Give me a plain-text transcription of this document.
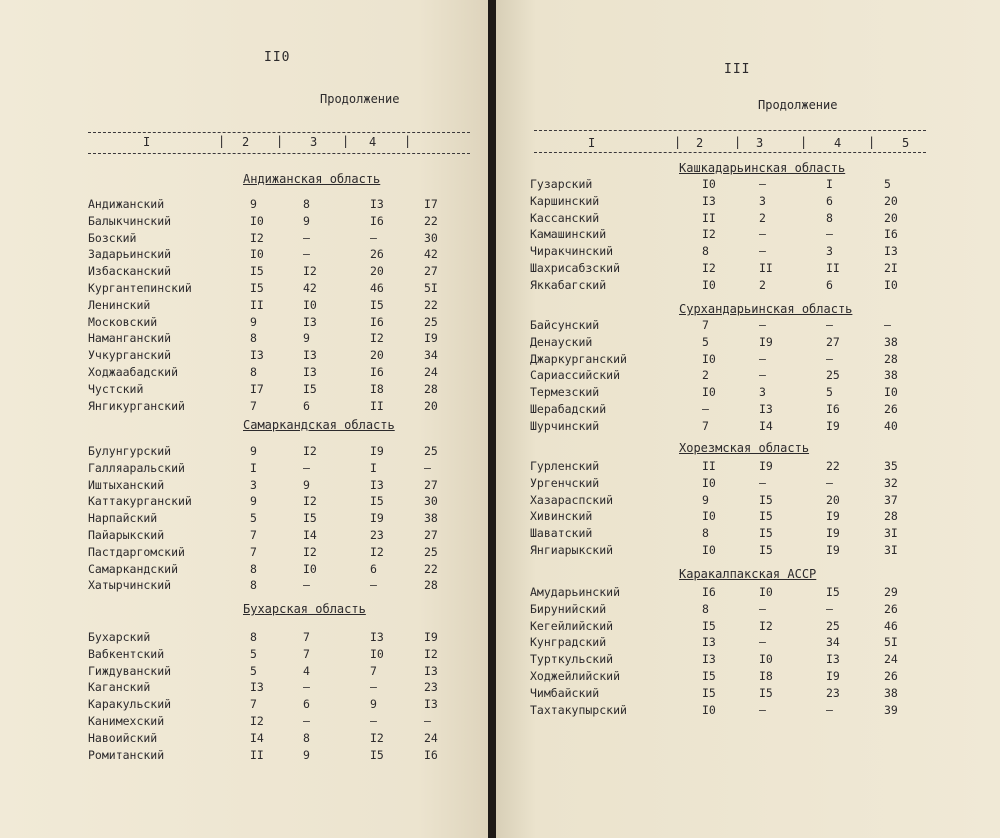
II0
Продолжение
I	2	3	4
|	|	|	|
Андижанская область
Андижанский	9	8	I3	I7
Балыкчинский	I0	9	I6	22
Бозский	I2	–	–	30
Задарьинский	I0	–	26	42
Избасканский	I5	I2	20	27
Кургантепинский	I5	42	46	5I
Ленинский	II	I0	I5	22
Московский	9	I3	I6	25
Наманганский	8	9	I2	I9
Учкурганский	I3	I3	20	34
Ходжаабадский	8	I3	I6	24
Чустский	I7	I5	I8	28
Янгикурганский	7	6	II	20
Самаркандская область
Булунгурский	9	I2	I9	25
Галляаральский	I	–	I	–
Иштыханский	3	9	I3	27
Каттакурганский	9	I2	I5	30
Нарпайский	5	I5	I9	38
Пайарыкский	7	I4	23	27
Пастдаргомский	7	I2	I2	25
Самаркандский	8	I0	6	22
Хатырчинский	8	–	–	28
Бухарская область
Бухарский	8	7	I3	I9
Вабкентский	5	7	I0	I2
Гиждуванский	5	4	7	I3
Каганский	I3	–	–	23
Каракульский	7	6	9	I3
Канимехский	I2	–	–	–
Навоийский	I4	8	I2	24
Ромитанский	II	9	I5	I6
III
Продолжение
I	2	3	4	5
|	|	|	|
Кашкадарьинская область
Гузарский	I0	–	I	5
Каршинский	I3	3	6	20
Кассанский	II	2	8	20
Камашинский	I2	–	–	I6
Чиракчинский	8	–	3	I3
Шахрисабзский	I2	II	II	2I
Яккабагский	I0	2	6	I0
Сурхандарьинская область
Байсунский	7	–	–	–
Денауский	5	I9	27	38
Джаркурганский	I0	–	–	28
Сариассийский	2	–	25	38
Термезский	I0	3	5	I0
Шерабадский	–	I3	I6	26
Шурчинский	7	I4	I9	40
Хорезмская область
Гурленский	II	I9	22	35
Ургенчский	I0	–	–	32
Хазараспский	9	I5	20	37
Хивинский	I0	I5	I9	28
Шаватский	8	I5	I9	3I
Янгиарыкский	I0	I5	I9	3I
Каракалпакская АССР
Амударьинский	I6	I0	I5	29
Бирунийский	8	–	–	26
Кегейлийский	I5	I2	25	46
Кунградский	I3	–	34	5I
Турткульский	I3	I0	I3	24
Ходжейлийский	I5	I8	I9	26
Чимбайский	I5	I5	23	38
Тахтакупырский	I0	–	–	39
